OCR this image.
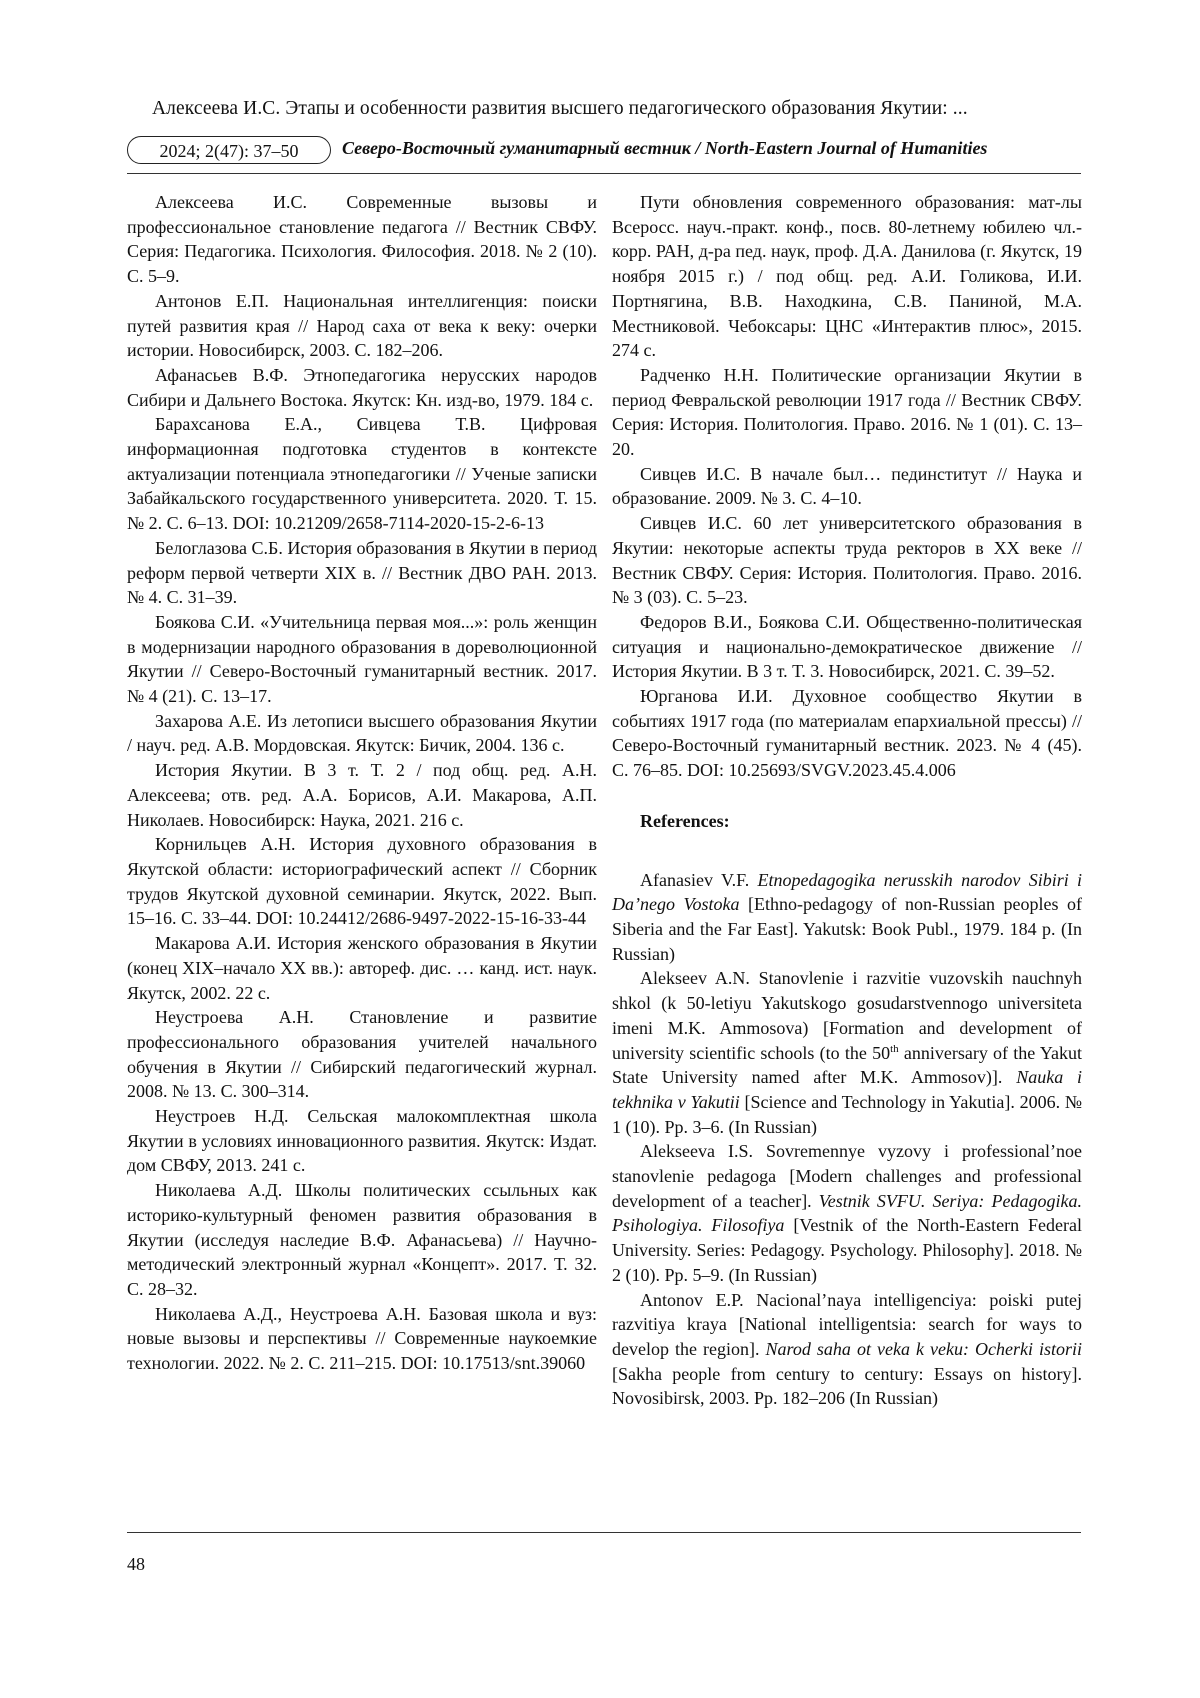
Алексеева И.С. Этапы и особенности развития высшего педагогического образования Якутии: ...
2024; 2(47): 37–50	Северо-Восточный гуманитарный вестник / North-Eastern Journal of Humanities

Алексеева И.С. Современные вызовы и профессиональное становление педагога // Вестник СВФУ. Серия: Педагогика. Психология. Философия. 2018. № 2 (10). С. 5–9.

Антонов Е.П. Национальная интеллигенция: поиски путей развития края // Народ саха от века к веку: очерки истории. Новосибирск, 2003. С. 182–206.

Афанасьев В.Ф. Этнопедагогика нерусских народов Сибири и Дальнего Востока. Якутск: Кн. изд-во, 1979. 184 с.

Барахсанова Е.А., Сивцева Т.В. Цифровая информационная подготовка студентов в контексте актуализации потенциала этнопедагогики // Ученые записки Забайкальского государственного университета. 2020. Т. 15. № 2. С. 6–13. DOI: 10.21209/2658-7114-2020-15-2-6-13

Белоглазова С.Б. История образования в Якутии в период реформ первой четверти XIX в. // Вестник ДВО РАН. 2013. № 4. С. 31–39.

Боякова С.И. «Учительница первая моя...»: роль женщин в модернизации народного образования в дореволюционной Якутии // Северо-Восточный гуманитарный вестник. 2017. № 4 (21). С. 13–17.

Захарова А.Е. Из летописи высшего образования Якутии / науч. ред. А.В. Мордовская. Якутск: Бичик, 2004. 136 с.

История Якутии. В 3 т. Т. 2 / под общ. ред. А.Н. Алексеева; отв. ред. А.А. Борисов, А.И. Макарова, А.П. Николаев. Новосибирск: Наука, 2021. 216 с.

Корнильцев А.Н. История духовного образования в Якутской области: историографический аспект // Сборник трудов Якутской духовной семинарии. Якутск, 2022. Вып. 15–16. С. 33–44. DOI: 10.24412/2686-9497-2022-15-16-33-44

Макарова А.И. История женского образования в Якутии (конец XIX–начало XX вв.): автореф. дис. … канд. ист. наук. Якутск, 2002. 22 с.

Неустроева А.Н. Становление и развитие профессионального образования учителей начального обучения в Якутии // Сибирский педагогический журнал. 2008. № 13. С. 300–314.

Неустроев Н.Д. Сельская малокомплектная школа Якутии в условиях инновационного развития. Якутск: Издат. дом СВФУ, 2013. 241 с.

Николаева А.Д. Школы политических ссыльных как историко-культурный феномен развития образования в Якутии (исследуя наследие В.Ф. Афанасьева) // Научно-методический электронный журнал «Концепт». 2017. Т. 32. С. 28–32.

Николаева А.Д., Неустроева А.Н. Базовая школа и вуз: новые вызовы и перспективы // Современные наукоемкие технологии. 2022. № 2. С. 211–215. DOI: 10.17513/snt.39060

Пути обновления современного образования: мат-лы Всеросс. науч.-практ. конф., посв. 80-летнему юбилею чл.-корр. РАН, д-ра пед. наук, проф. Д.А. Данилова (г. Якутск, 19 ноября 2015 г.) / под общ. ред. А.И. Голикова, И.И. Портнягина, В.В. Находкина, С.В. Паниной, М.А. Местниковой. Чебоксары: ЦНС «Интерактив плюс», 2015. 274 с.

Радченко Н.Н. Политические организации Якутии в период Февральской революции 1917 года // Вестник СВФУ. Серия: История. Политология. Право. 2016. № 1 (01). С. 13–20.

Сивцев И.С. В начале был… пединститут // Наука и образование. 2009. № 3. С. 4–10.

Сивцев И.С. 60 лет университетского образования в Якутии: некоторые аспекты труда ректоров в ХХ веке // Вестник СВФУ. Серия: История. Политология. Право. 2016. № 3 (03). С. 5–23.

Федоров В.И., Боякова С.И. Общественно-политическая ситуация и национально-демократическое движение // История Якутии. В 3 т. Т. 3. Новосибирск, 2021. С. 39–52.

Юрганова И.И. Духовное сообщество Якутии в событиях 1917 года (по материалам епархиальной прессы) // Северо-Восточный гуманитарный вестник. 2023. № 4 (45). С. 76–85. DOI: 10.25693/SVGV.2023.45.4.006

References:

Afanasiev V.F. Etnopedagogika nerusskih narodov Sibiri i Da’nego Vostoka [Ethno-pedagogy of non-Russian peoples of Siberia and the Far East]. Yakutsk: Book Publ., 1979. 184 p. (In Russian)

Alekseev A.N. Stanovlenie i razvitie vuzovskih nauchnyh shkol (k 50-letiyu Yakutskogo gosudarstvennogo universiteta imeni M.K. Ammosova) [Formation and development of university scientific schools (to the 50th anniversary of the Yakut State University named after M.K. Ammosov)]. Nauka i tekhnika v Yakutii [Science and Technology in Yakutia]. 2006. № 1 (10). Pp. 3–6. (In Russian)

Alekseeva I.S. Sovremennye vyzovy i professional’noe stanovlenie pedagoga [Modern challenges and professional development of a teacher]. Vestnik SVFU. Seriya: Pedagogika. Psihologiya. Filosofiya [Vestnik of the North-Eastern Federal University. Series: Pedagogy. Psychology. Philosophy]. 2018. № 2 (10). Pp. 5–9. (In Russian)

Antonov E.P. Nacional’naya intelligenciya: poiski putej razvitiya kraya [National intelligentsia: search for ways to develop the region]. Narod saha ot veka k veku: Ocherki istorii [Sakha people from century to century: Essays on history]. Novosibirsk, 2003. Pp. 182–206 (In Russian)

48
